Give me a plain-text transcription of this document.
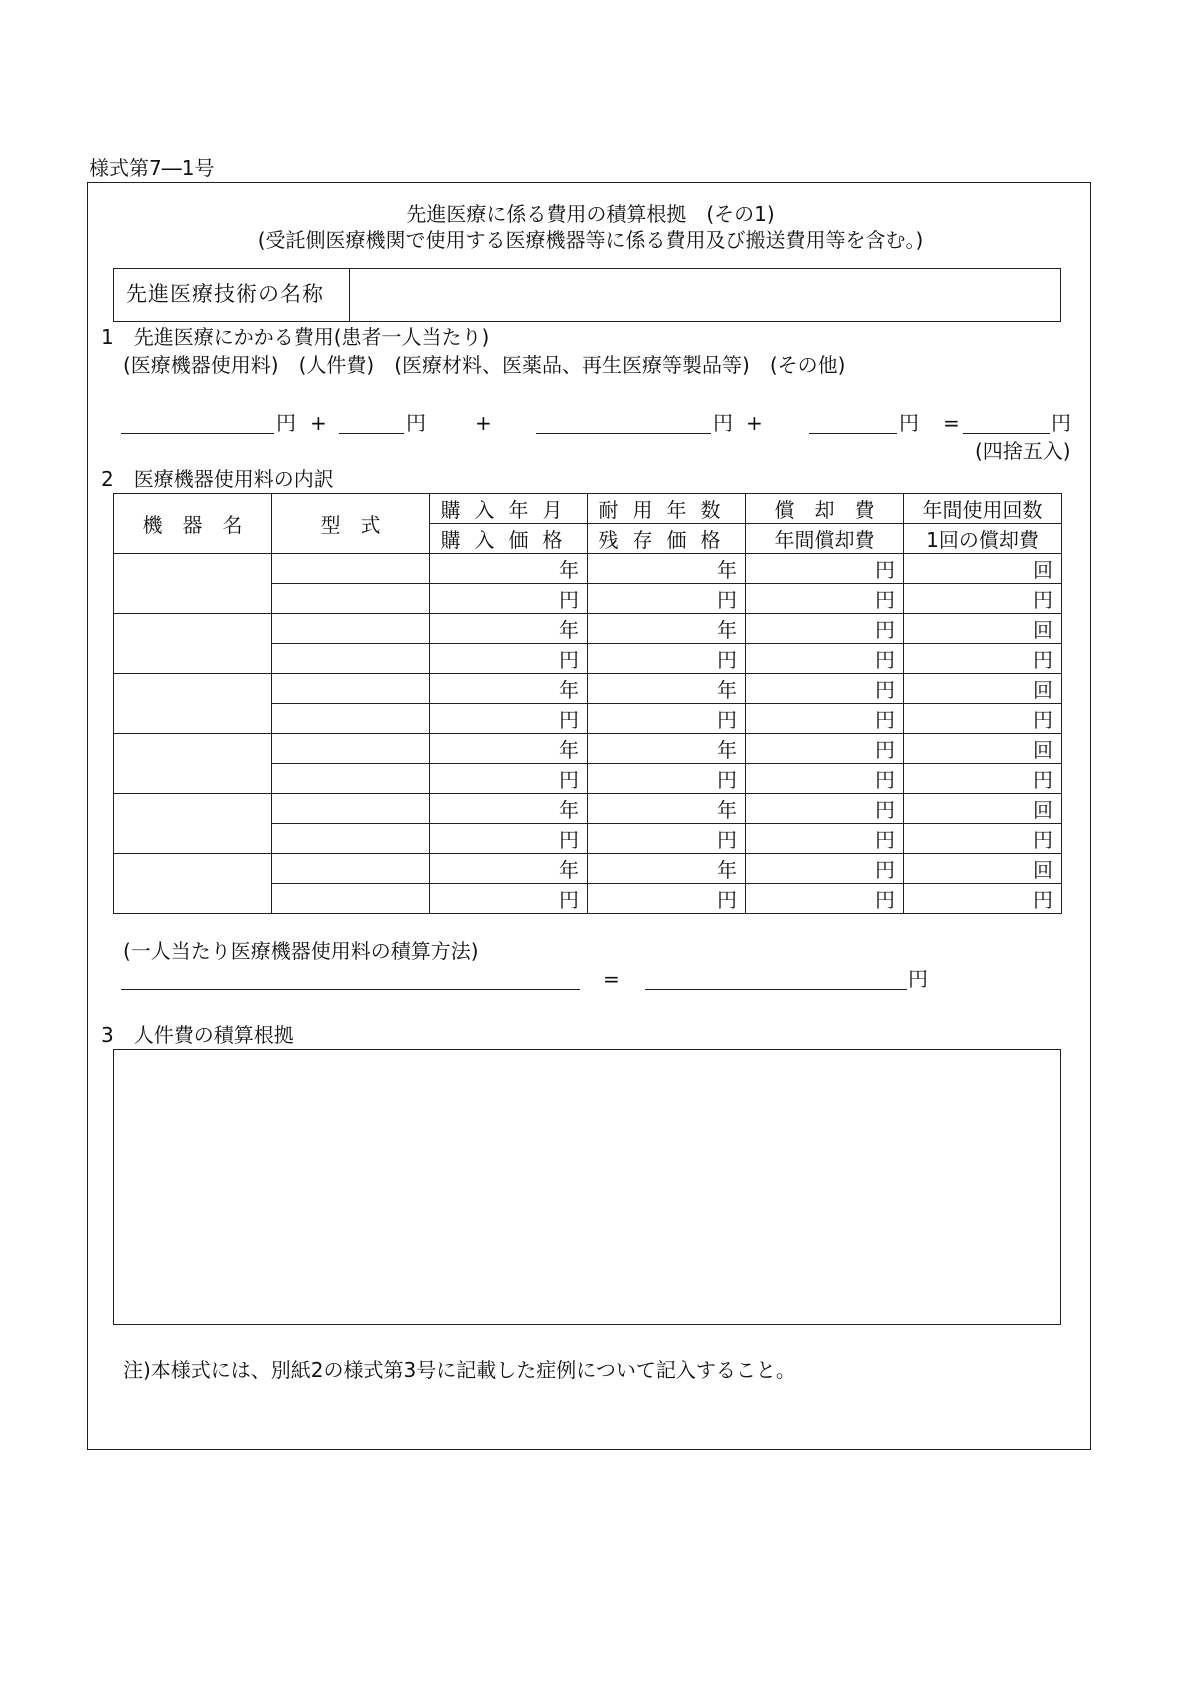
様式第7―1号
先進医療に係る費用の積算根拠　(その1)
(受託側医療機関で使用する医療機器等に係る費用及び搬送費用等を含む。)
先進医療技術の名称
1　先進医療にかかる費用(患者一人当たり)
(医療機器使用料)　(人件費)　(医療材料、医薬品、再生医療等製品等)　(その他)
円 +	円 +	円 +	円 =	円
(四捨五入)
2　医療機器使用料の内訳
機　器　名	型　式	購入年月	耐用年数	償　却　費	年間使用回数
		購入価格	残存価格	年間償却費	1回の償却費
		年	年	円	回
		円	円	円	円
		年	年	円	回
		円	円	円	円
		年	年	円	回
		円	円	円	円
		年	年	円	回
		円	円	円	円
		年	年	円	回
		円	円	円	円
		年	年	円	回
		円	円	円	円
(一人当たり医療機器使用料の積算方法)
=	円
3　人件費の積算根拠
注)本様式には、別紙2の様式第3号に記載した症例について記入すること。
